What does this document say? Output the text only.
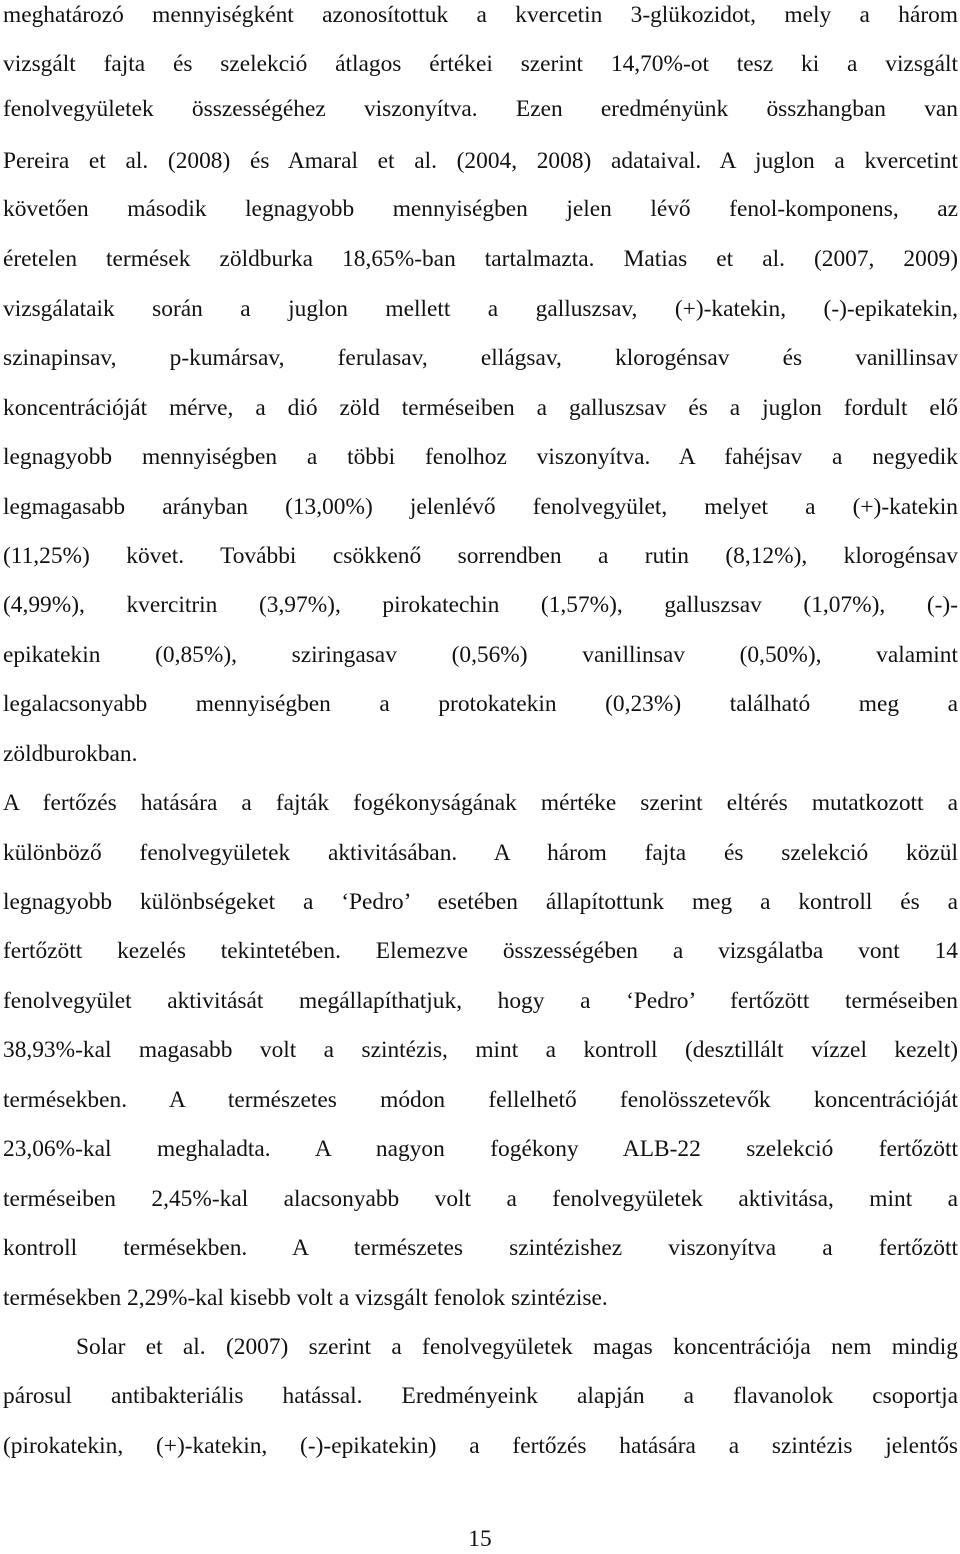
meghatározó mennyiségként azonosítottuk a kvercetin 3-glükozidot, mely a három
vizsgált fajta és szelekció átlagos értékei szerint 14,70%-ot tesz ki a vizsgált
fenolvegyületek összességéhez viszonyítva. Ezen eredményünk összhangban van
Pereira et al. (2008) és Amaral et al. (2004, 2008) adataival. A juglon a kvercetint
követően második legnagyobb mennyiségben jelen lévő fenol-komponens, az
éretelen termések zöldburka 18,65%-ban tartalmazta. Matias et al. (2007, 2009)
vizsgálataik során a juglon mellett a galluszsav, (+)-katekin, (-)-epikatekin,
szinapinsav, p-kumársav, ferulasav, ellágsav, klorogénsav és vanillinsav
koncentrációját mérve, a dió zöld terméseiben a galluszsav és a juglon fordult elő
legnagyobb mennyiségben a többi fenolhoz viszonyítva. A fahéjsav a negyedik
legmagasabb arányban (13,00%) jelenlévő fenolvegyület, melyet a (+)-katekin
(11,25%) követ. További csökkenő sorrendben a rutin (8,12%), klorogénsav
(4,99%), kvercitrin (3,97%), pirokatechin (1,57%), galluszsav (1,07%), (-)-
epikatekin (0,85%), sziringasav (0,56%) vanillinsav (0,50%), valamint
legalacsonyabb mennyiségben a protokatekin (0,23%) található meg a
zöldburokban.
A fertőzés hatására a fajták fogékonyságának mértéke szerint eltérés mutatkozott a
különböző fenolvegyületek aktivitásában. A három fajta és szelekció közül
legnagyobb különbségeket a ‘Pedro’ esetében állapítottunk meg a kontroll és a
fertőzött kezelés tekintetében. Elemezve összességében a vizsgálatba vont 14
fenolvegyület aktivitását megállapíthatjuk, hogy a ‘Pedro’ fertőzött terméseiben
38,93%-kal magasabb volt a szintézis, mint a kontroll (desztillált vízzel kezelt)
termésekben. A természetes módon fellelhető fenolösszetevők koncentrációját
23,06%-kal meghaladta. A nagyon fogékony ALB-22 szelekció fertőzött
terméseiben 2,45%-kal alacsonyabb volt a fenolvegyületek aktivitása, mint a
kontroll termésekben. A természetes szintézishez viszonyítva a fertőzött
termésekben 2,29%-kal kisebb volt a vizsgált fenolok szintézise.
Solar et al. (2007) szerint a fenolvegyületek magas koncentrációja nem mindig
párosul antibakteriális hatással. Eredményeink alapján a flavanolok csoportja
(pirokatekin, (+)-katekin, (-)-epikatekin) a fertőzés hatására a szintézis jelentős
15
